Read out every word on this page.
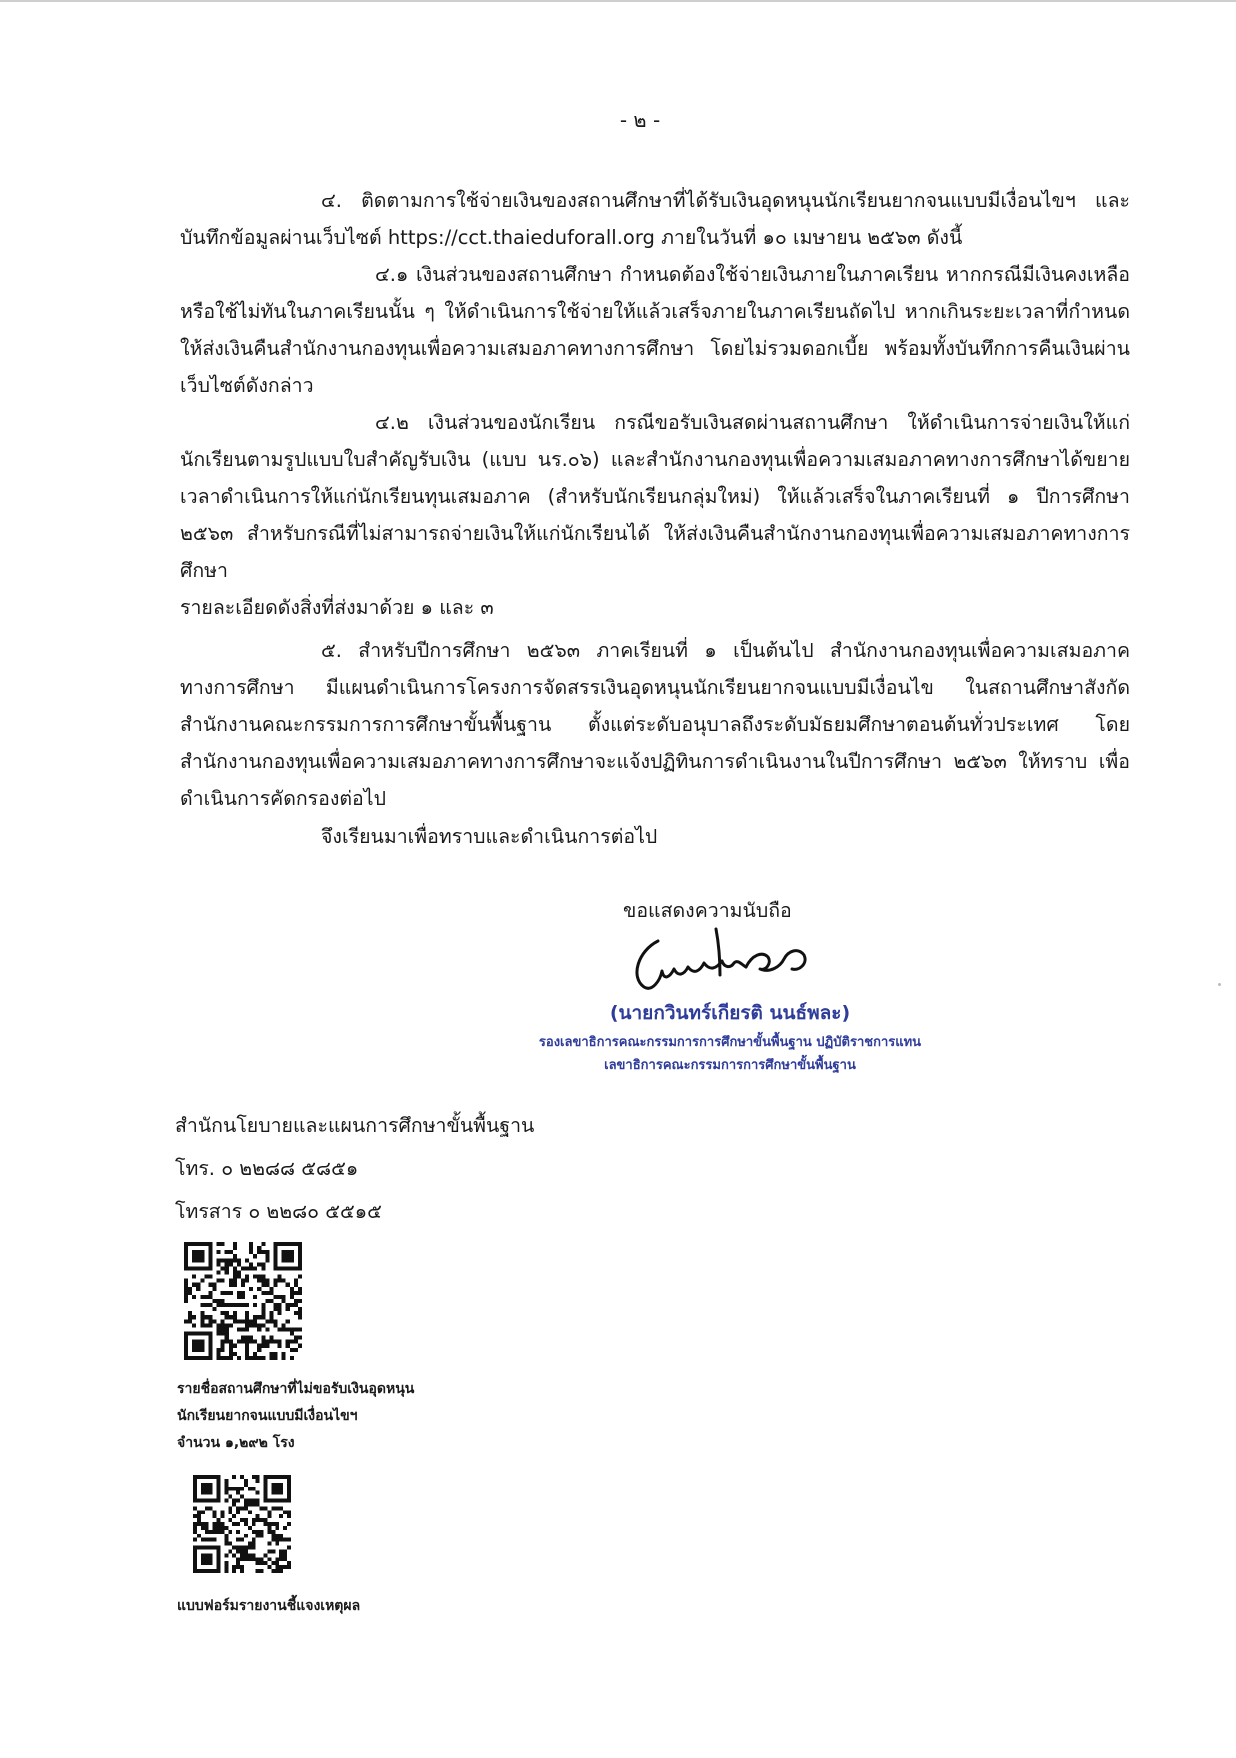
- ๒ -

๔. ติดตามการใช้จ่ายเงินของสถานศึกษาที่ได้รับเงินอุดหนุนนักเรียนยากจนแบบมีเงื่อนไขฯ และบันทึกข้อมูลผ่านเว็บไซต์ https://cct.thaieduforall.org ภายในวันที่ ๑๐ เมษายน ๒๕๖๓ ดังนี้

๔.๑ เงินส่วนของสถานศึกษา กำหนดต้องใช้จ่ายเงินภายในภาคเรียน หากกรณีมีเงินคงเหลือหรือใช้ไม่ทันในภาคเรียนนั้น ๆ ให้ดำเนินการใช้จ่ายให้แล้วเสร็จภายในภาคเรียนถัดไป หากเกินระยะเวลาที่กำหนด ให้ส่งเงินคืนสำนักงานกองทุนเพื่อความเสมอภาคทางการศึกษา โดยไม่รวมดอกเบี้ย พร้อมทั้งบันทึกการคืนเงินผ่านเว็บไซต์ดังกล่าว

๔.๒ เงินส่วนของนักเรียน กรณีขอรับเงินสดผ่านสถานศึกษา ให้ดำเนินการจ่ายเงินให้แก่นักเรียนตามรูปแบบใบสำคัญรับเงิน (แบบ นร.๐๖) และสำนักงานกองทุนเพื่อความเสมอภาคทางการศึกษาได้ขยายเวลาดำเนินการให้แก่นักเรียนทุนเสมอภาค (สำหรับนักเรียนกลุ่มใหม่) ให้แล้วเสร็จในภาคเรียนที่ ๑ ปีการศึกษา ๒๕๖๓ สำหรับกรณีที่ไม่สามารถจ่ายเงินให้แก่นักเรียนได้ ให้ส่งเงินคืนสำนักงานกองทุนเพื่อความเสมอภาคทางการศึกษา

รายละเอียดดังสิ่งที่ส่งมาด้วย ๑ และ ๓

๕. สำหรับปีการศึกษา ๒๕๖๓ ภาคเรียนที่ ๑ เป็นต้นไป สำนักงานกองทุนเพื่อความเสมอภาคทางการศึกษา มีแผนดำเนินการโครงการจัดสรรเงินอุดหนุนนักเรียนยากจนแบบมีเงื่อนไข ในสถานศึกษาสังกัดสำนักงานคณะกรรมการการศึกษาขั้นพื้นฐาน ตั้งแต่ระดับอนุบาลถึงระดับมัธยมศึกษาตอนต้นทั่วประเทศ โดยสำนักงานกองทุนเพื่อความเสมอภาคทางการศึกษาจะแจ้งปฏิทินการดำเนินงานในปีการศึกษา ๒๕๖๓ ให้ทราบ เพื่อดำเนินการคัดกรองต่อไป

จึงเรียนมาเพื่อทราบและดำเนินการต่อไป
ขอแสดงความนับถือ
(นายกวินทร์เกียรติ นนธ์พละ)
รองเลขาธิการคณะกรรมการการศึกษาขั้นพื้นฐาน ปฏิบัติราชการแทน
เลขาธิการคณะกรรมการการศึกษาขั้นพื้นฐาน
สำนักนโยบายและแผนการศึกษาขั้นพื้นฐาน
โทร. ๐ ๒๒๘๘ ๕๘๕๑
โทรสาร ๐ ๒๒๘๐ ๕๕๑๕
รายชื่อสถานศึกษาที่ไม่ขอรับเงินอุดหนุน
นักเรียนยากจนแบบมีเงื่อนไขฯ
จำนวน ๑,๒๙๒ โรง
แบบฟอร์มรายงานชี้แจงเหตุผล
